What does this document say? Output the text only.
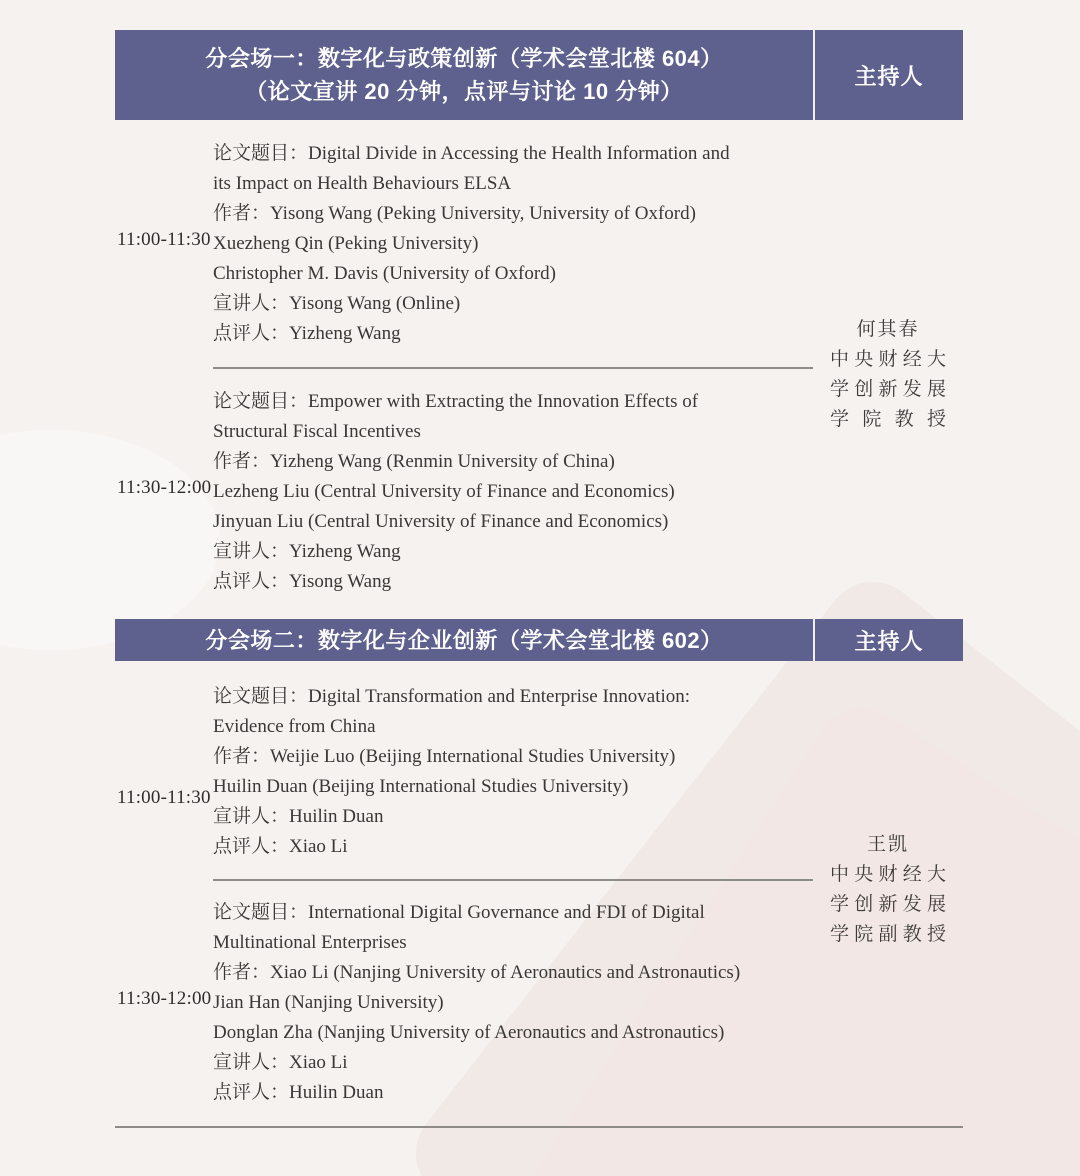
分会场一：数字化与政策创新（学术会堂北楼 604）
（论文宣讲 20 分钟，点评与讨论 10 分钟）
主持人
11:00-11:30
论文题目：Digital Divide in Accessing the Health Information and
its Impact on Health Behaviours ELSA
作者：Yisong Wang (Peking University, University of Oxford)
Xuezheng Qin (Peking University)
Christopher M. Davis (University of Oxford)
宣讲人：Yisong Wang (Online)
点评人：Yizheng Wang
11:30-12:00
论文题目：Empower with Extracting the Innovation Effects of
Structural Fiscal Incentives
作者：Yizheng Wang (Renmin University of China)
Lezheng Liu (Central University of Finance and Economics)
Jinyuan Liu (Central University of Finance and Economics)
宣讲人：Yizheng Wang
点评人：Yisong Wang
何其春
中央财经大
学创新发展
学院教授
分会场二：数字化与企业创新（学术会堂北楼 602）	主持人
11:00-11:30
论文题目：Digital Transformation and Enterprise Innovation:
Evidence from China
作者：Weijie Luo (Beijing International Studies University)
Huilin Duan (Beijing International Studies University)
宣讲人：Huilin Duan
点评人：Xiao Li
11:30-12:00
论文题目：International Digital Governance and FDI of Digital
Multinational Enterprises
作者：Xiao Li (Nanjing University of Aeronautics and Astronautics)
Jian Han (Nanjing University)
Donglan Zha (Nanjing University of Aeronautics and Astronautics)
宣讲人：Xiao Li
点评人：Huilin Duan
王凯
中央财经大
学创新发展
学院副教授
